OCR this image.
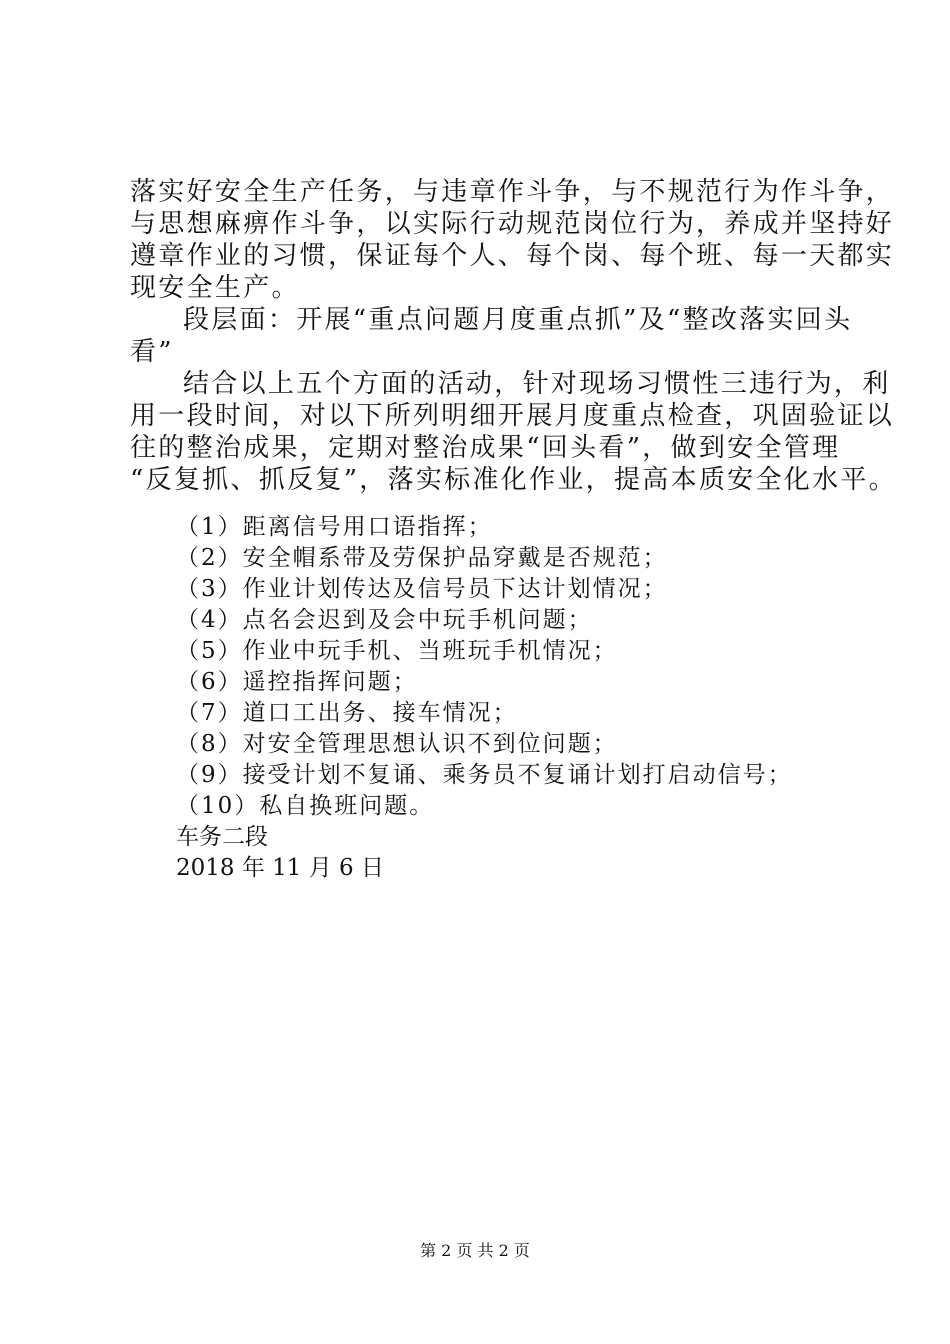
落实好安全生产任务，与违章作斗争，与不规范行为作斗争，
与思想麻痹作斗争，以实际行动规范岗位行为，养成并坚持好
遵章作业的习惯，保证每个人、每个岗、每个班、每一天都实
现安全生产。
段层面：开展“重点问题月度重点抓”及“整改落实回头
看”
结合以上五个方面的活动，针对现场习惯性三违行为，利
用一段时间，对以下所列明细开展月度重点检查，巩固验证以
往的整治成果，定期对整治成果“回头看”，做到安全管理
“反复抓、抓反复”，落实标准化作业，提高本质安全化水平。
（1）距离信号用口语指挥；
（2）安全帽系带及劳保护品穿戴是否规范；
（3）作业计划传达及信号员下达计划情况；
（4）点名会迟到及会中玩手机问题；
（5）作业中玩手机、当班玩手机情况；
（6）遥控指挥问题；
（7）道口工出务、接车情况；
（8）对安全管理思想认识不到位问题；
（9）接受计划不复诵、乘务员不复诵计划打启动信号；
（10）私自换班问题。
车务二段
2018 年 11 月 6 日
第 2 页 共 2 页
